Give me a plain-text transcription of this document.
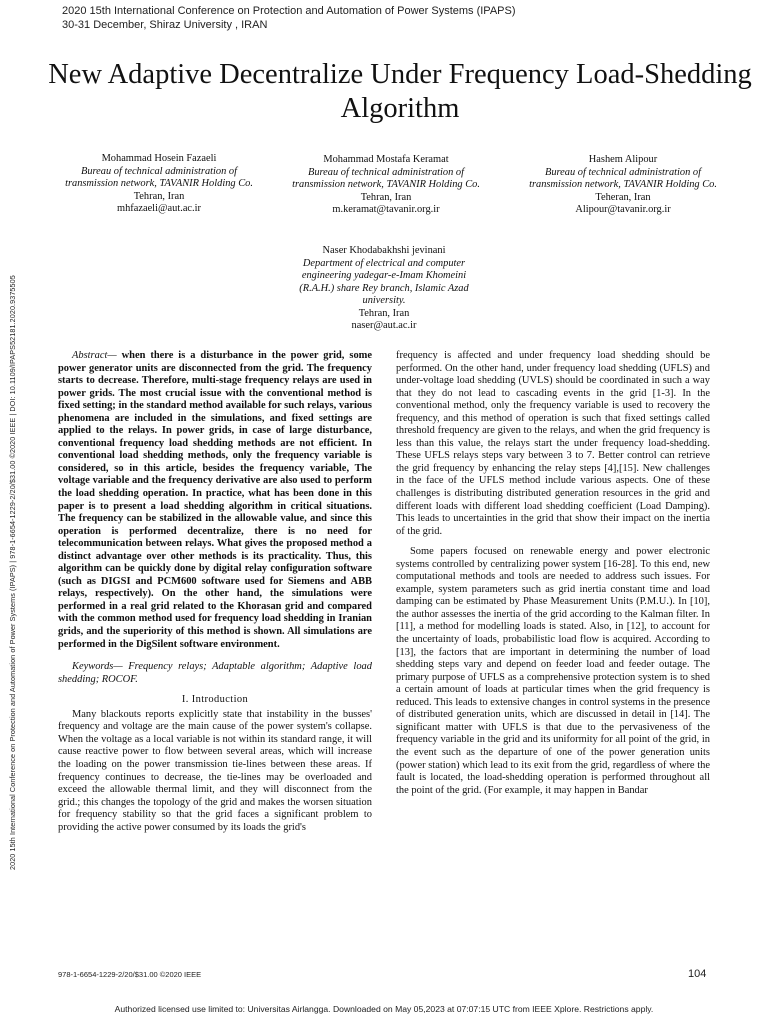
2020 15th International Conference on Protection and Automation of Power Systems (IPAPS)
30-31 December, Shiraz University , IRAN
2020 15th International Conference on Protection and Automation of Power Systems (IPAPS) | 978-1-6654-1229-2/20/$31.00 ©2020 IEEE | DOI: 10.1109/IPAPS52181.2020.9375505
New Adaptive Decentralize Under Frequency Load-Shedding Algorithm
Mohammad Hosein Fazaeli
Bureau of technical administration of transmission network, TAVANIR Holding Co.
Tehran, Iran
mhfazaeli@aut.ac.ir
Mohammad Mostafa Keramat
Bureau of technical administration of transmission network, TAVANIR Holding Co.
Tehran, Iran
m.keramat@tavanir.org.ir
Hashem Alipour
Bureau of technical administration of transmission network, TAVANIR Holding Co.
Teheran, Iran
Alipour@tavanir.org.ir
Naser Khodabakhshi jevinani
Department of electrical and computer engineering yadegar-e-Imam Khomeini (R.A.H.) share Rey branch, Islamic Azad university.
Tehran, Iran
naser@aut.ac.ir

Abstract— when there is a disturbance in the power grid, some power generator units are disconnected from the grid. The frequency starts to decrease. Therefore, multi-stage frequency relays are used in power grids. The most crucial issue with the conventional method is fixed setting; in the standard method available for such relays, various phenomena are included in the simulations, and fixed settings are applied to the relays. In power grids, in case of large disturbance, conventional frequency load shedding methods are not efficient. In conventional load shedding methods, only the frequency variable is considered, so in this article, besides the frequency variable, The voltage variable and the frequency derivative are also used to perform the load shedding operation. In practice, what has been done in this paper is to present a load shedding algorithm in critical situations. The frequency can be stabilized in the allowable value, and since this operation is performed decentralize, there is no need for telecommunication between relays. What gives the proposed method a distinct advantage over other methods is its practicality. Thus, this algorithm can be quickly done by digital relay configuration software (such as DIGSI and PCM600 software used for Siemens and ABB relays, respectively). On the other hand, the simulations were performed in a real grid related to the Khorasan grid and compared with the common method used for frequency load shedding in Iranian grids, and the superiority of this method is shown. All simulations are performed in the DigSilent software environment.

Keywords— Frequency relays; Adaptable algorithm; Adaptive load shedding; ROCOF.

I. Introduction

Many blackouts reports explicitly state that instability in the busses' frequency and voltage are the main cause of the power system's collapse. When the voltage as a local variable is not within its standard range, it will cause reactive power to flow between several areas, which will increase the loading on the power transmission tie-lines between these areas. If frequency continues to decrease, the tie-lines may be overloaded and exceed the allowable thermal limit, and they will disconnect from the grid.; this changes the topology of the grid and makes the worsen situation for frequency stability so that the grid faces a significant problem to providing the active power consumed by its loads the grid's

frequency is affected and under frequency load shedding should be performed. On the other hand, under frequency load shedding (UFLS) and under-voltage load shedding (UVLS) should be coordinated in such a way that they do not lead to cascading events in the grid [1-3]. In the conventional method, only the frequency variable is used to recovery the frequency, and this method of operation is such that fixed settings called threshold frequency are given to the relays, and when the grid frequency is less than this value, the relays start the under frequency load-shedding. These UFLS relays steps vary between 3 to 7. Better control can retrieve the grid frequency by enhancing the relay steps [4],[15]. New challenges in the face of the UFLS method include various aspects. One of these challenges is distributing distributed generation resources in the grid and different loads with different load shedding coefficient (Load Damping). This leads to uncertainties in the grid that show their impact on the inertia of the grid.

Some papers focused on renewable energy and power electronic systems controlled by centralizing power system [16-28]. To this end, new computational methods and tools are needed to address such issues. For example, system parameters such as grid inertia constant time and load damping can be estimated by Phase Measurement Units (P.M.U.). In [10], the author assesses the inertia of the grid according to the Kalman filter. In [11], a method for modelling loads is stated. Also, in [12], to account for the uncertainty of loads, probabilistic load flow is acquired. According to [13], the factors that are important in determining the number of load shedding steps vary and depend on feeder load and feeder outage. The primary purpose of UFLS as a comprehensive protection system is to shed a certain amount of loads at particular times when the grid frequency is reduced. This leads to extensive changes in control systems in the presence of distributed generation units, which are discussed in detail in [14]. The significant matter with UFLS is that due to the pervasiveness of the frequency variable in the grid and its uniformity for all point of the grid, in the event such as the departure of one of the power generation units (power station) which lead to its exit from the grid, regardless of where the fault is located, the load-shedding operation is performed throughout all the point of the grid. (For example, it may happen in Bandar

978-1-6654-1229-2/20/$31.00 ©2020 IEEE	104
Authorized licensed use limited to: Universitas Airlangga. Downloaded on May 05,2023 at 07:07:15 UTC from IEEE Xplore. Restrictions apply.
